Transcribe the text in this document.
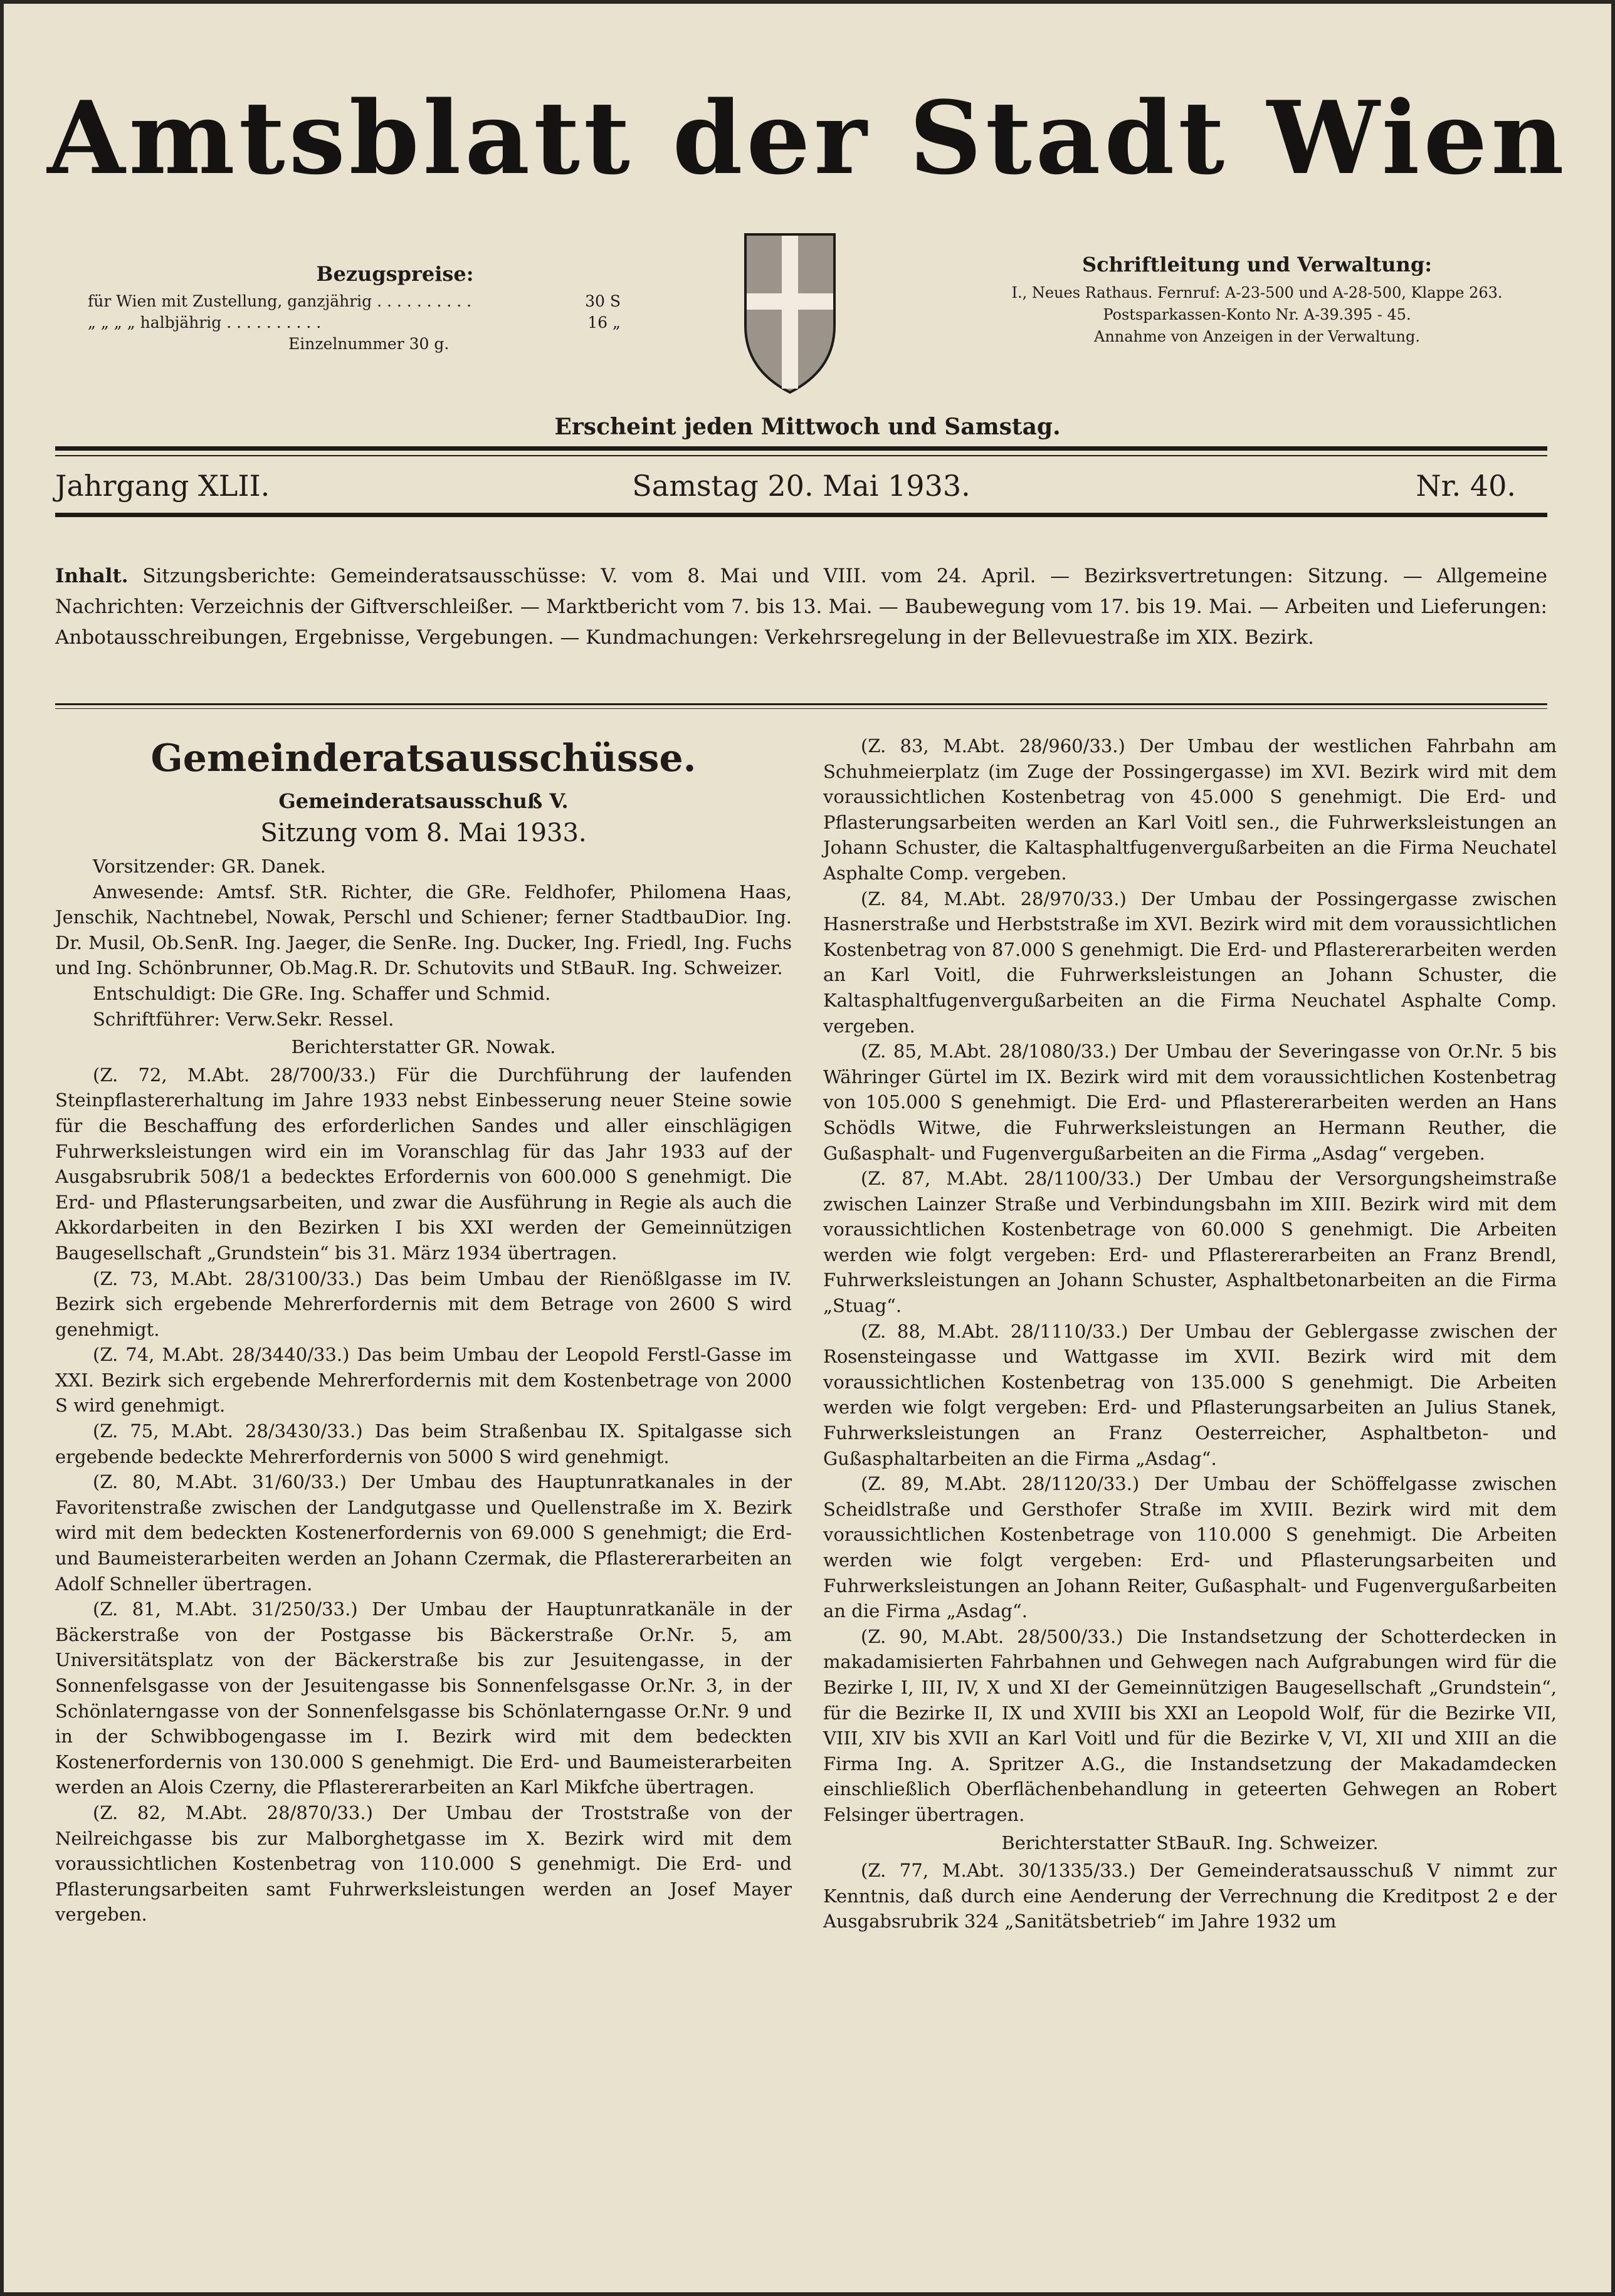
Amtsblatt der Stadt Wien
Bezugspreise:
für Wien mit Zustellung, ganzjährig . . . . . . . . . .	30 S
„ „ „ „ halbjährig . . . . . . . . . .	16 „
Einzelnummer 30 g.
Schriftleitung und Verwaltung:
I., Neues Rathaus. Fernruf: A-23-500 und A-28-500, Klappe 263.
Postsparkassen-Konto Nr. A-39.395 - 45.
Annahme von Anzeigen in der Verwaltung.
Erscheint jeden Mittwoch und Samstag.
Jahrgang XLII.	Samstag 20. Mai 1933.	Nr. 40.
Inhalt. Sitzungsberichte: Gemeinderatsausschüsse: V. vom 8. Mai und VIII. vom 24. April. — Bezirksvertretungen: Sitzung. — Allgemeine Nachrichten: Verzeichnis der Giftverschleißer. — Marktbericht vom 7. bis 13. Mai. — Baubewegung vom 17. bis 19. Mai. — Arbeiten und Lieferungen: Anbotausschreibungen, Ergebnisse, Vergebungen. — Kundmachungen: Verkehrsregelung in der Bellevuestraße im XIX. Bezirk.
Gemeinderatsausschüsse.
Gemeinderatsausschuß V.
Sitzung vom 8. Mai 1933.

Vorsitzender: GR. Danek.

Anwesende: Amtsf. StR. Richter, die GRe. Feldhofer, Philomena Haas, Jenschik, Nachtnebel, Nowak, Perschl und Schiener; ferner StadtbauDior. Ing. Dr. Musil, Ob.SenR. Ing. Jaeger, die SenRe. Ing. Ducker, Ing. Friedl, Ing. Fuchs und Ing. Schönbrunner, Ob.Mag.R. Dr. Schutovits und StBauR. Ing. Schweizer.

Entschuldigt: Die GRe. Ing. Schaffer und Schmid.

Schriftführer: Verw.Sekr. Ressel.

Berichterstatter GR. Nowak.

(Z. 72, M.Abt. 28/700/33.) Für die Durchführung der laufenden Steinpflastererhaltung im Jahre 1933 nebst Einbesserung neuer Steine sowie für die Beschaffung des erforderlichen Sandes und aller einschlägigen Fuhrwerksleistungen wird ein im Voranschlag für das Jahr 1933 auf der Ausgabsrubrik 508/1 a bedecktes Erfordernis von 600.000 S genehmigt. Die Erd- und Pflasterungsarbeiten, und zwar die Ausführung in Regie als auch die Akkordarbeiten in den Bezirken I bis XXI werden der Gemeinnützigen Baugesellschaft „Grundstein“ bis 31. März 1934 übertragen.

(Z. 73, M.Abt. 28/3100/33.) Das beim Umbau der Rienößlgasse im IV. Bezirk sich ergebende Mehrerfordernis mit dem Betrage von 2600 S wird genehmigt.

(Z. 74, M.Abt. 28/3440/33.) Das beim Umbau der Leopold Ferstl-Gasse im XXI. Bezirk sich ergebende Mehrerfordernis mit dem Kostenbetrage von 2000 S wird genehmigt.

(Z. 75, M.Abt. 28/3430/33.) Das beim Straßenbau IX. Spitalgasse sich ergebende bedeckte Mehrerfordernis von 5000 S wird genehmigt.

(Z. 80, M.Abt. 31/60/33.) Der Umbau des Hauptunratkanales in der Favoritenstraße zwischen der Landgutgasse und Quellenstraße im X. Bezirk wird mit dem bedeckten Kostenerfordernis von 69.000 S genehmigt; die Erd- und Baumeisterarbeiten werden an Johann Czermak, die Pflastererarbeiten an Adolf Schneller übertragen.

(Z. 81, M.Abt. 31/250/33.) Der Umbau der Hauptunratkanäle in der Bäckerstraße von der Postgasse bis Bäckerstraße Or.Nr. 5, am Universitätsplatz von der Bäckerstraße bis zur Jesuitengasse, in der Sonnenfelsgasse von der Jesuitengasse bis Sonnenfelsgasse Or.Nr. 3, in der Schönlaterngasse von der Sonnenfelsgasse bis Schönlaterngasse Or.Nr. 9 und in der Schwibbogengasse im I. Bezirk wird mit dem bedeckten Kostenerfordernis von 130.000 S genehmigt. Die Erd- und Baumeisterarbeiten werden an Alois Czerny, die Pflastererarbeiten an Karl Mikfche übertragen.

(Z. 82, M.Abt. 28/870/33.) Der Umbau der Troststraße von der Neilreichgasse bis zur Malborghetgasse im X. Bezirk wird mit dem voraussichtlichen Kostenbetrag von 110.000 S genehmigt. Die Erd- und Pflasterungsarbeiten samt Fuhrwerksleistungen werden an Josef Mayer vergeben.

(Z. 83, M.Abt. 28/960/33.) Der Umbau der westlichen Fahrbahn am Schuhmeierplatz (im Zuge der Possingergasse) im XVI. Bezirk wird mit dem voraussichtlichen Kostenbetrag von 45.000 S genehmigt. Die Erd- und Pflasterungsarbeiten werden an Karl Voitl sen., die Fuhrwerksleistungen an Johann Schuster, die Kaltasphaltfugenvergußarbeiten an die Firma Neuchatel Asphalte Comp. vergeben.

(Z. 84, M.Abt. 28/970/33.) Der Umbau der Possingergasse zwischen Hasnerstraße und Herbststraße im XVI. Bezirk wird mit dem voraussichtlichen Kostenbetrag von 87.000 S genehmigt. Die Erd- und Pflastererarbeiten werden an Karl Voitl, die Fuhrwerksleistungen an Johann Schuster, die Kaltasphaltfugenvergußarbeiten an die Firma Neuchatel Asphalte Comp. vergeben.

(Z. 85, M.Abt. 28/1080/33.) Der Umbau der Severingasse von Or.Nr. 5 bis Währinger Gürtel im IX. Bezirk wird mit dem voraussichtlichen Kostenbetrag von 105.000 S genehmigt. Die Erd- und Pflastererarbeiten werden an Hans Schödls Witwe, die Fuhrwerksleistungen an Hermann Reuther, die Gußasphalt- und Fugenvergußarbeiten an die Firma „Asdag“ vergeben.

(Z. 87, M.Abt. 28/1100/33.) Der Umbau der Versorgungsheimstraße zwischen Lainzer Straße und Verbindungsbahn im XIII. Bezirk wird mit dem voraussichtlichen Kostenbetrage von 60.000 S genehmigt. Die Arbeiten werden wie folgt vergeben: Erd- und Pflastererarbeiten an Franz Brendl, Fuhrwerksleistungen an Johann Schuster, Asphaltbetonarbeiten an die Firma „Stuag“.

(Z. 88, M.Abt. 28/1110/33.) Der Umbau der Geblergasse zwischen der Rosensteingasse und Wattgasse im XVII. Bezirk wird mit dem voraussichtlichen Kostenbetrag von 135.000 S genehmigt. Die Arbeiten werden wie folgt vergeben: Erd- und Pflasterungsarbeiten an Julius Stanek, Fuhrwerksleistungen an Franz Oesterreicher, Asphaltbeton- und Gußasphaltarbeiten an die Firma „Asdag“.

(Z. 89, M.Abt. 28/1120/33.) Der Umbau der Schöffelgasse zwischen Scheidlstraße und Gersthofer Straße im XVIII. Bezirk wird mit dem voraussichtlichen Kostenbetrage von 110.000 S genehmigt. Die Arbeiten werden wie folgt vergeben: Erd- und Pflasterungsarbeiten und Fuhrwerksleistungen an Johann Reiter, Gußasphalt- und Fugenvergußarbeiten an die Firma „Asdag“.

(Z. 90, M.Abt. 28/500/33.) Die Instandsetzung der Schotterdecken in makadamisierten Fahrbahnen und Gehwegen nach Aufgrabungen wird für die Bezirke I, III, IV, X und XI der Gemeinnützigen Baugesellschaft „Grundstein“, für die Bezirke II, IX und XVIII bis XXI an Leopold Wolf, für die Bezirke VII, VIII, XIV bis XVII an Karl Voitl und für die Bezirke V, VI, XII und XIII an die Firma Ing. A. Spritzer A.G., die Instandsetzung der Makadamdecken einschließlich Oberflächenbehandlung in geteerten Gehwegen an Robert Felsinger übertragen.

Berichterstatter StBauR. Ing. Schweizer.

(Z. 77, M.Abt. 30/1335/33.) Der Gemeinderatsausschuß V nimmt zur Kenntnis, daß durch eine Aenderung der Verrechnung die Kreditpost 2 e der Ausgabsrubrik 324 „Sanitätsbetrieb“ im Jahre 1932 um
